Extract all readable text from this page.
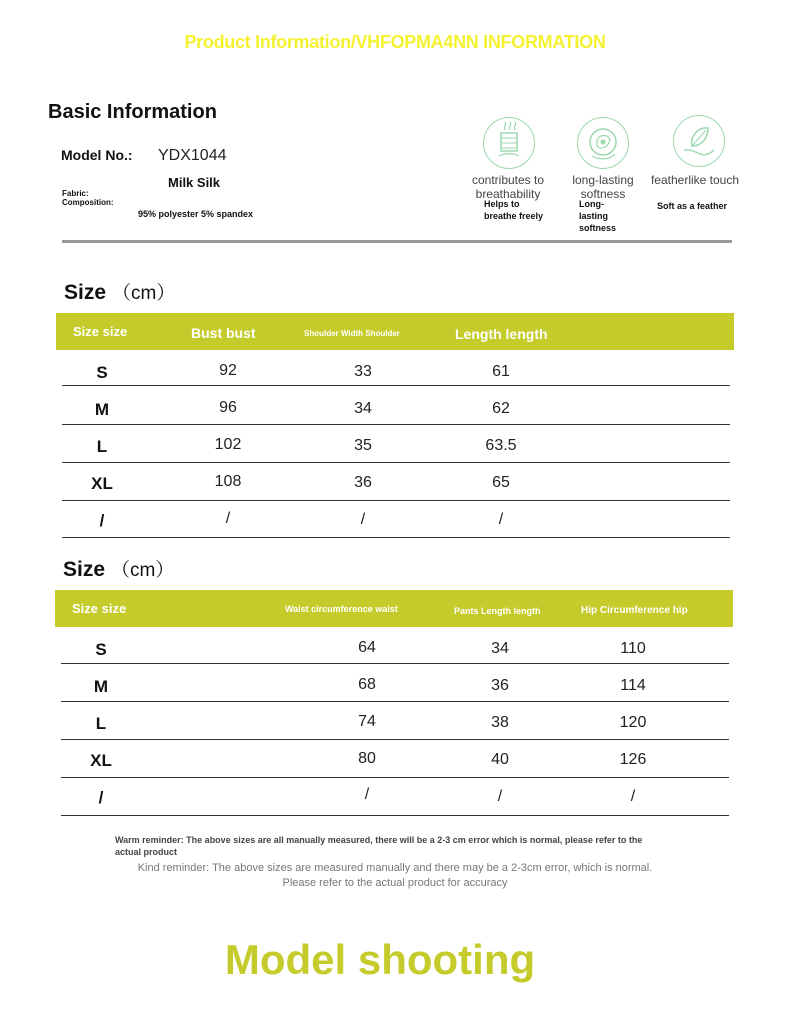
Product Information/VHFOPMA4NN INFORMATION
Basic Information
Model No.: YDX1044
Milk Silk
Fabric:
Composition:
95% polyester 5% spandex
contributes to breathability
Helps to breathe freely
long-lasting softness
Long-lasting softness
featherlike touch
Soft as a feather
Size （cm）
Size size	Bust bust	Shoulder Width Shoulder	Length length
S	92	33	61
M	96	34	62
L	102	35	63.5
XL	108	36	65
/	/	/	/
Size （cm）
Size size	Waist circumference waist	Pants Length length	Hip Circumference hip
S	64	34	110
M	68	36	114
L	74	38	120
XL	80	40	126
/	/	/	/
Warm reminder: The above sizes are all manually measured, there will be a 2-3 cm error which is normal, please refer to the actual product
Kind reminder: The above sizes are measured manually and there may be a 2-3cm error, which is normal.
Please refer to the actual product for accuracy
Model shooting
